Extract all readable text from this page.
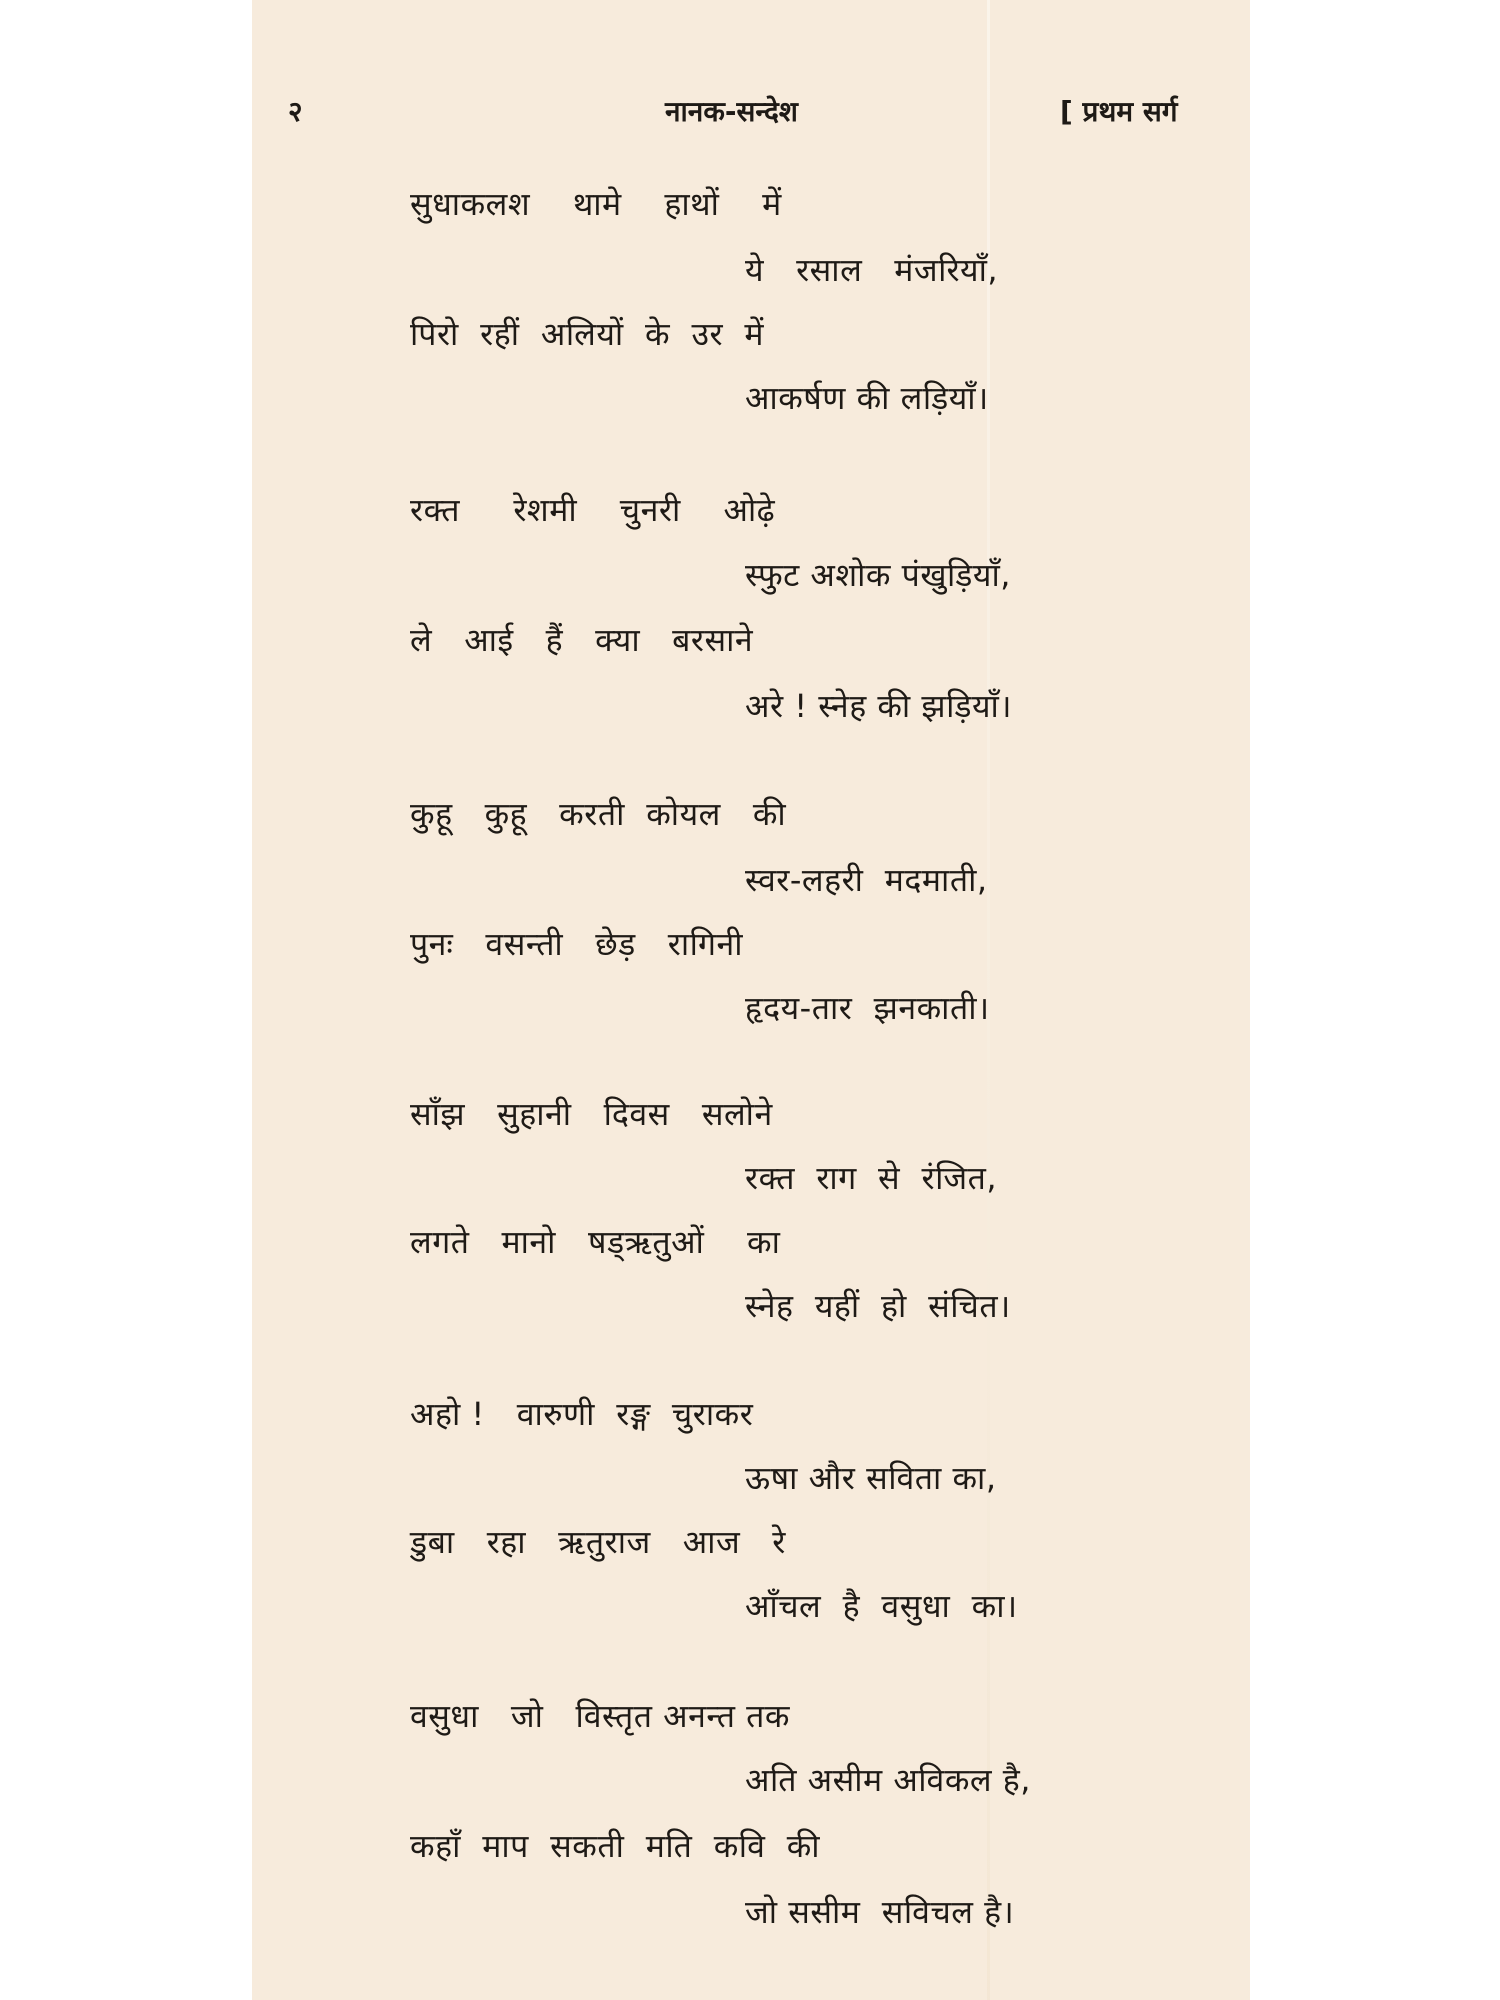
२	नानक-सन्देश	[ प्रथम सर्ग
सुधाकलश    थामे    हाथों    में
ये   रसाल   मंजरियाँ,
पिरो  रहीं  अलियों  के  उर  में
आकर्षण की लड़ियाँ।
रक्त     रेशमी    चुनरी    ओढ़े
स्फुट अशोक पंखुड़ियाँ,
ले   आई   हैं   क्या   बरसाने
अरे ! स्नेह की झड़ियाँ।
कुहू   कुहू   करती  कोयल   की
स्वर-लहरी  मदमाती,
पुनः   वसन्ती   छेड़   रागिनी
हृदय-तार  झनकाती।
साँझ   सुहानी   दिवस   सलोने
रक्त  राग  से  रंजित,
लगते   मानो   षड्ऋतुओं    का
स्नेह  यहीं  हो  संचित।
अहो !   वारुणी  रङ्ग  चुराकर
ऊषा और सविता का,
डुबा   रहा   ऋतुराज   आज   रे
आँचल  है  वसुधा  का।
वसुधा   जो   विस्तृत अनन्त तक
अति असीम अविकल है,
कहाँ  माप  सकती  मति  कवि  की
जो ससीम  सविचल है।
